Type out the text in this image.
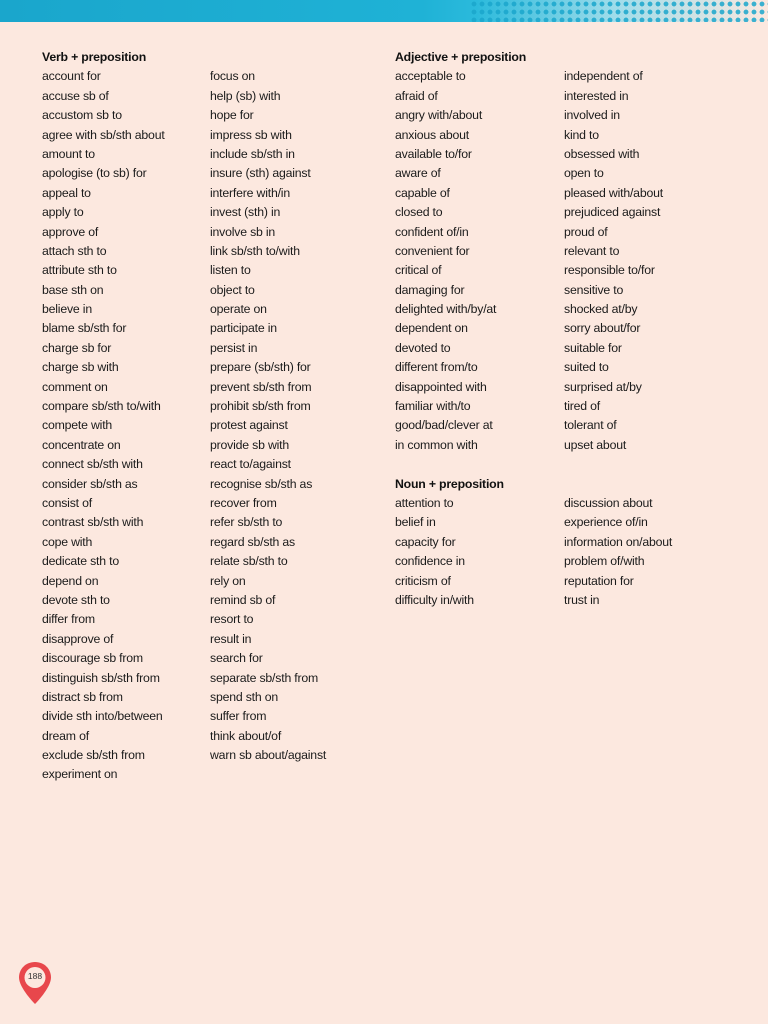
Verb + preposition
account for
accuse sb of
accustom sb to
agree with sb/sth about
amount to
apologise (to sb) for
appeal to
apply to
approve of
attach sth to
attribute sth to
base sth on
believe in
blame sb/sth for
charge sb for
charge sb with
comment on
compare sb/sth to/with
compete with
concentrate on
connect sb/sth with
consider sb/sth as
consist of
contrast sb/sth with
cope with
dedicate sth to
depend on
devote sth to
differ from
disapprove of
discourage sb from
distinguish sb/sth from
distract sb from
divide sth into/between
dream of
exclude sb/sth from
experiment on
focus on
help (sb) with
hope for
impress sb with
include sb/sth in
insure (sth) against
interfere with/in
invest (sth) in
involve sb in
link sb/sth to/with
listen to
object to
operate on
participate in
persist in
prepare (sb/sth) for
prevent sb/sth from
prohibit sb/sth from
protest against
provide sb with
react to/against
recognise sb/sth as
recover from
refer sb/sth to
regard sb/sth as
relate sb/sth to
rely on
remind sb of
resort to
result in
search for
separate sb/sth from
spend sth on
suffer from
think about/of
warn sb about/against
Adjective + preposition
acceptable to
afraid of
angry with/about
anxious about
available to/for
aware of
capable of
closed to
confident of/in
convenient for
critical of
damaging for
delighted with/by/at
dependent on
devoted to
different from/to
disappointed with
familiar with/to
good/bad/clever at
in common with
Noun + preposition
attention to
belief in
capacity for
confidence in
criticism of
difficulty in/with
independent of
interested in
involved in
kind to
obsessed with
open to
pleased with/about
prejudiced against
proud of
relevant to
responsible to/for
sensitive to
shocked at/by
sorry about/for
suitable for
suited to
surprised at/by
tired of
tolerant of
upset about
discussion about
experience of/in
information on/about
problem of/with
reputation for
trust in
188
